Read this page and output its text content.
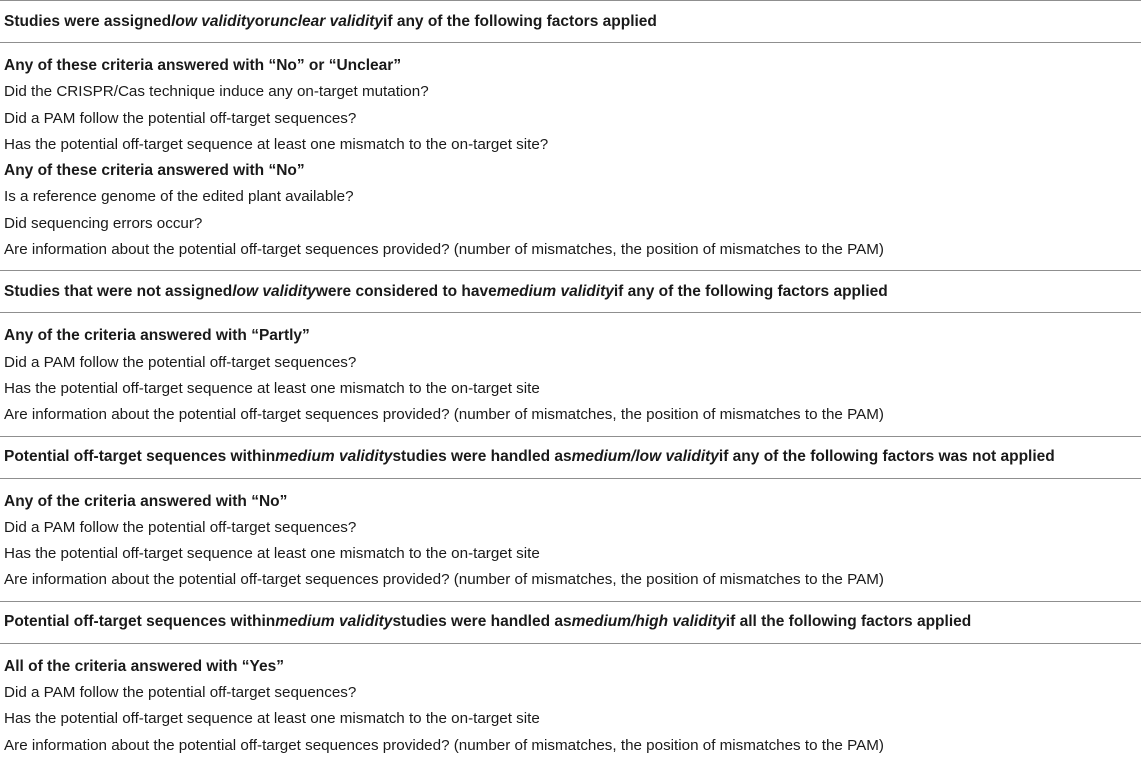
Studies were assigned low validity or unclear validity if any of the following factors applied
Any of these criteria answered with “No” or “Unclear”
Did the CRISPR/Cas technique induce any on-target mutation?
Did a PAM follow the potential off-target sequences?
Has the potential off-target sequence at least one mismatch to the on-target site?
Any of these criteria answered with “No”
Is a reference genome of the edited plant available?
Did sequencing errors occur?
Are information about the potential off-target sequences provided? (number of mismatches, the position of mismatches to the PAM)
Studies that were not assigned low validity were considered to have medium validity if any of the following factors applied
Any of the criteria answered with “Partly”
Did a PAM follow the potential off-target sequences?
Has the potential off-target sequence at least one mismatch to the on-target site
Are information about the potential off-target sequences provided? (number of mismatches, the position of mismatches to the PAM)
Potential off-target sequences within medium validity studies were handled as medium/low validity if any of the following factors was not applied
Any of the criteria answered with “No”
Did a PAM follow the potential off-target sequences?
Has the potential off-target sequence at least one mismatch to the on-target site
Are information about the potential off-target sequences provided? (number of mismatches, the position of mismatches to the PAM)
Potential off-target sequences within medium validity studies were handled as medium/high validity if all the following factors applied
All of the criteria answered with “Yes”
Did a PAM follow the potential off-target sequences?
Has the potential off-target sequence at least one mismatch to the on-target site
Are information about the potential off-target sequences provided? (number of mismatches, the position of mismatches to the PAM)
